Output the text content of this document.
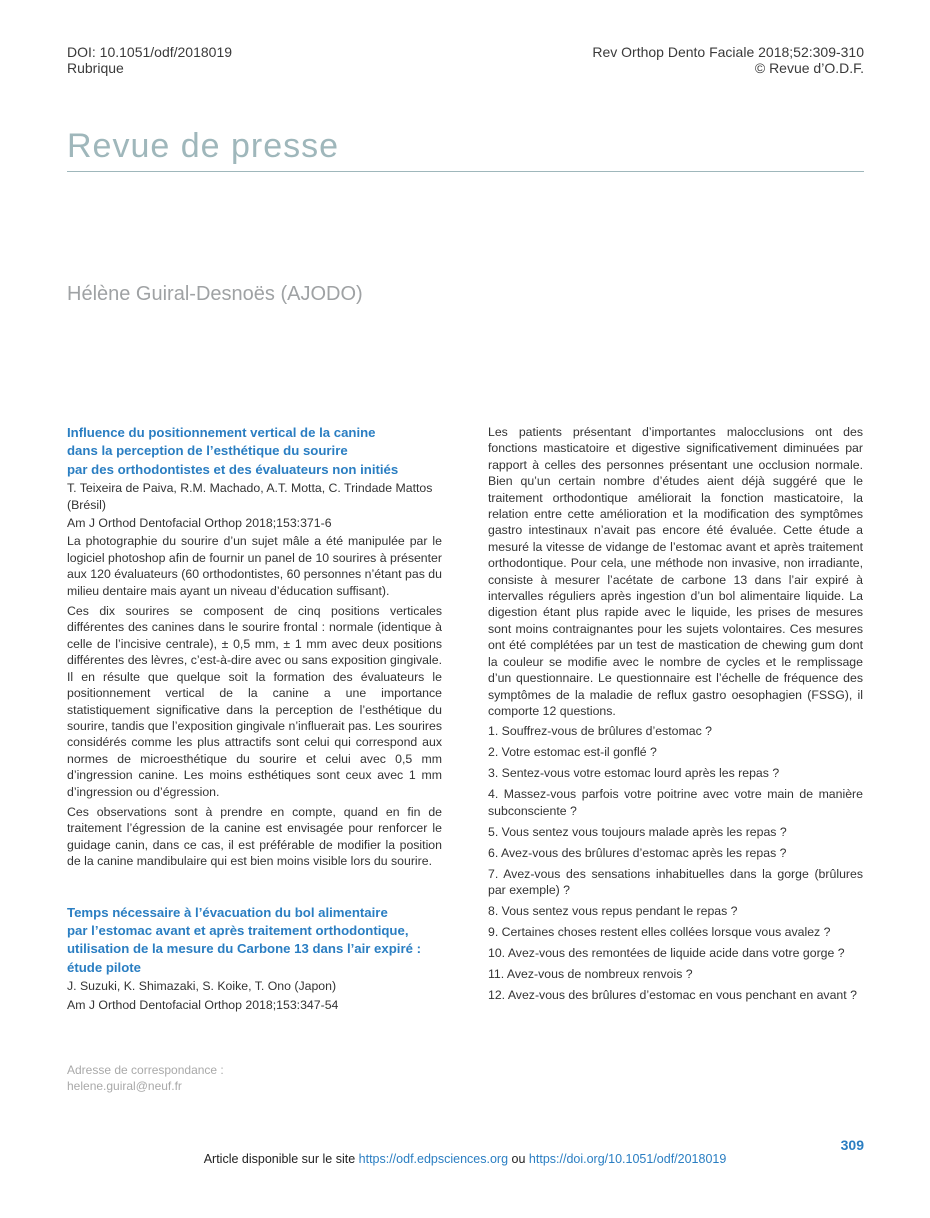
DOI: 10.1051/odf/2018019
Rubrique
Rev Orthop Dento Faciale 2018;52:309-310
© Revue d’O.D.F.
Revue de presse
Hélène Guiral-Desnoës (AJODO)
Influence du positionnement vertical de la canine
dans la perception de l’esthétique du sourire
par des orthodontistes et des évaluateurs non initiés
T. Teixeira de Paiva, R.M. Machado, A.T. Motta, C. Trindade Mattos (Brésil)
Am J Orthod Dentofacial Orthop 2018;153:371-6

La photographie du sourire d’un sujet mâle a été manipulée par le logiciel photoshop afin de fournir un panel de 10 sourires à présenter aux 120 évaluateurs (60 orthodontistes, 60 personnes n’étant pas du milieu dentaire mais ayant un niveau d’éducation suffisant).

Ces dix sourires se composent de cinq positions verticales différentes des canines dans le sourire frontal : normale (identique à celle de l’incisive centrale), ± 0,5 mm, ± 1 mm avec deux positions différentes des lèvres, c’est-à-dire avec ou sans exposition gingivale. Il en résulte que quelque soit la formation des évaluateurs le positionnement vertical de la canine a une importance statistiquement significative dans la perception de l’esthétique du sourire, tandis que l’exposition gingivale n’influerait pas. Les sourires considérés comme les plus attractifs sont celui qui correspond aux normes de microesthétique du sourire et celui avec 0,5 mm d’ingression canine. Les moins esthétiques sont ceux avec 1 mm d’ingression ou d’égression.

Ces observations sont à prendre en compte, quand en fin de traitement l’égression de la canine est envisagée pour renforcer le guidage canin, dans ce cas, il est préférable de modifier la position de la canine mandibulaire qui est bien moins visible lors du sourire.

Temps nécessaire à l’évacuation du bol alimentaire
par l’estomac avant et après traitement orthodontique,
utilisation de la mesure du Carbone 13 dans l’air expiré :
étude pilote
J. Suzuki, K. Shimazaki, S. Koike, T. Ono (Japon)
Am J Orthod Dentofacial Orthop 2018;153:347-54

Les patients présentant d’importantes malocclusions ont des fonctions masticatoire et digestive significativement diminuées par rapport à celles des personnes présentant une occlusion normale. Bien qu’un certain nombre d’études aient déjà suggéré que le traitement orthodontique améliorait la fonction masticatoire, la relation entre cette amélioration et la modification des symptômes gastro intestinaux n’avait pas encore été évaluée. Cette étude a mesuré la vitesse de vidange de l’estomac avant et après traitement orthodontique. Pour cela, une méthode non invasive, non irradiante, consiste à mesurer l’acétate de carbone 13 dans l’air expiré à intervalles réguliers après ingestion d’un bol alimentaire liquide. La digestion étant plus rapide avec le liquide, les prises de mesures sont moins contraignantes pour les sujets volontaires. Ces mesures ont été complétées par un test de mastication de chewing gum dont la couleur se modifie avec le nombre de cycles et le remplissage d’un questionnaire. Le questionnaire est l’échelle de fréquence des symptômes de la maladie de reflux gastro oesophagien (FSSG), il comporte 12 questions.

1. Souffrez-vous de brûlures d’estomac ?
2. Votre estomac est-il gonflé ?
3. Sentez-vous votre estomac lourd après les repas ?
4. Massez-vous parfois votre poitrine avec votre main de manière subconsciente ?
5. Vous sentez vous toujours malade après les repas ?
6. Avez-vous des brûlures d’estomac après les repas ?
7. Avez-vous des sensations inhabituelles dans la gorge (brûlures par exemple) ?
8. Vous sentez vous repus pendant le repas ?
9. Certaines choses restent elles collées lorsque vous avalez ?
10. Avez-vous des remontées de liquide acide dans votre gorge ?
11. Avez-vous de nombreux renvois ?
12. Avez-vous des brûlures d’estomac en vous penchant en avant ?
Adresse de correspondance :
helene.guiral@neuf.fr
309
Article disponible sur le site https://odf.edpsciences.org ou https://doi.org/10.1051/odf/2018019
